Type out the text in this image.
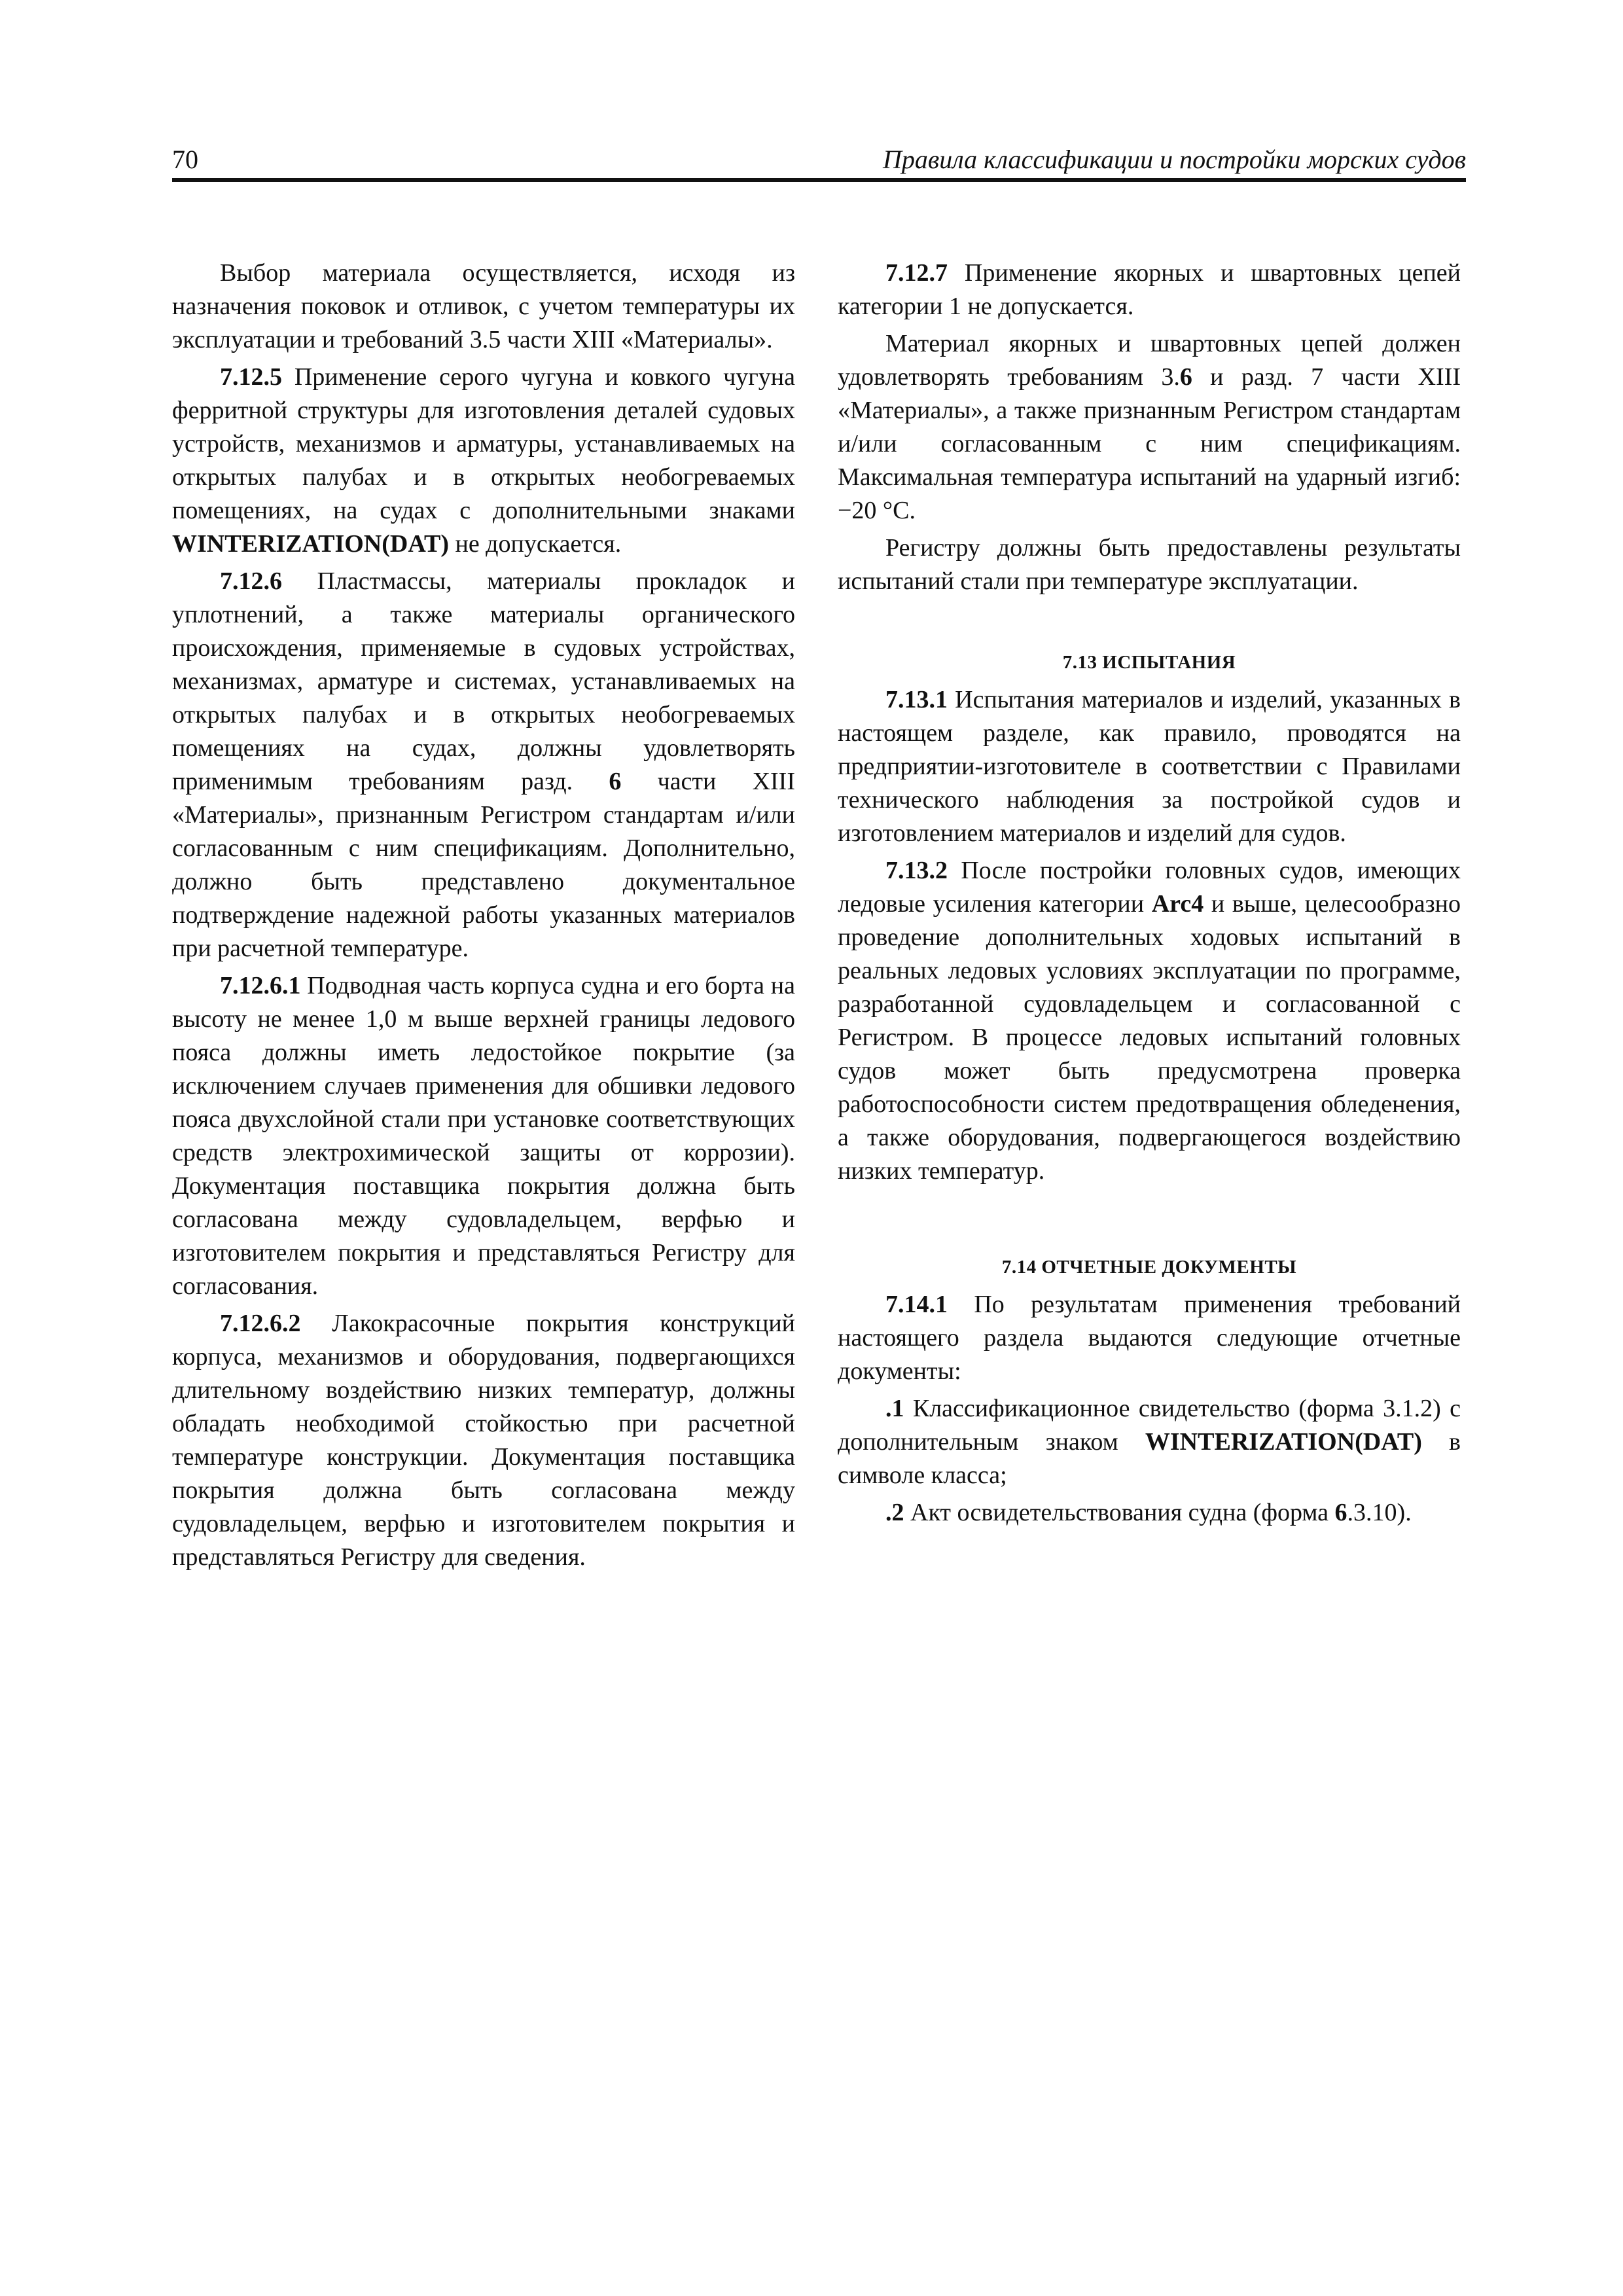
70	Правила классификации и постройки морских судов

Выбор материала осуществляется, исходя из назначения поковок и отливок, с учетом температуры их эксплуатации и требований 3.5 части XIII «Материалы».

7.12.5 Применение серого чугуна и ковкого чугуна ферритной структуры для изготовления деталей судовых устройств, механизмов и арматуры, устанавливаемых на открытых палубах и в открытых необогреваемых помещениях, на судах с дополнительными знаками WINTERIZATION(DAT) не допускается.

7.12.6 Пластмассы, материалы прокладок и уплотнений, а также материалы органического происхождения, применяемые в судовых устройствах, механизмах, арматуре и системах, устанавливаемых на открытых палубах и в открытых необогреваемых помещениях на судах, должны удовлетворять применимым требованиям разд. 6 части XIII «Материалы», признанным Регистром стандартам и/или согласованным с ним спецификациям. Дополнительно, должно быть представлено документальное подтверждение надежной работы указанных материалов при расчетной температуре.

7.12.6.1 Подводная часть корпуса судна и его борта на высоту не менее 1,0 м выше верхней границы ледового пояса должны иметь ледостойкое покрытие (за исключением случаев применения для обшивки ледового пояса двухслойной стали при установке соответствующих средств электрохимической защиты от коррозии). Документация поставщика покрытия должна быть согласована между судовладельцем, верфью и изготовителем покрытия и представляться Регистру для согласования.

7.12.6.2 Лакокрасочные покрытия конструкций корпуса, механизмов и оборудования, подвергающихся длительному воздействию низких температур, должны обладать необходимой стойкостью при расчетной температуре конструкции. Документация поставщика покрытия должна быть согласована между судовладельцем, верфью и изготовителем покрытия и представляться Регистру для сведения.

7.12.7 Применение якорных и швартовных цепей категории 1 не допускается.

Материал якорных и швартовных цепей должен удовлетворять требованиям 3.6 и разд. 7 части XIII «Материалы», а также признанным Регистром стандартам и/или согласованным с ним спецификациям. Максимальная температура испытаний на ударный изгиб: −20 °C.

Регистру должны быть предоставлены результаты испытаний стали при температуре эксплуатации.

7.13 ИСПЫТАНИЯ

7.13.1 Испытания материалов и изделий, указанных в настоящем разделе, как правило, проводятся на предприятии-изготовителе в соответствии с Правилами технического наблюдения за постройкой судов и изготовлением материалов и изделий для судов.

7.13.2 После постройки головных судов, имеющих ледовые усиления категории Arc4 и выше, целесообразно проведение дополнительных ходовых испытаний в реальных ледовых условиях эксплуатации по программе, разработанной судовладельцем и согласованной с Регистром. В процессе ледовых испытаний головных судов может быть предусмотрена проверка работоспособности систем предотвращения обледенения, а также оборудования, подвергающегося воздействию низких температур.

7.14 ОТЧЕТНЫЕ ДОКУМЕНТЫ

7.14.1 По результатам применения требований настоящего раздела выдаются следующие отчетные документы:

.1 Классификационное свидетельство (форма 3.1.2) с дополнительным знаком WINTERIZATION(DAT) в символе класса;

.2 Акт освидетельствования судна (форма 6.3.10).
